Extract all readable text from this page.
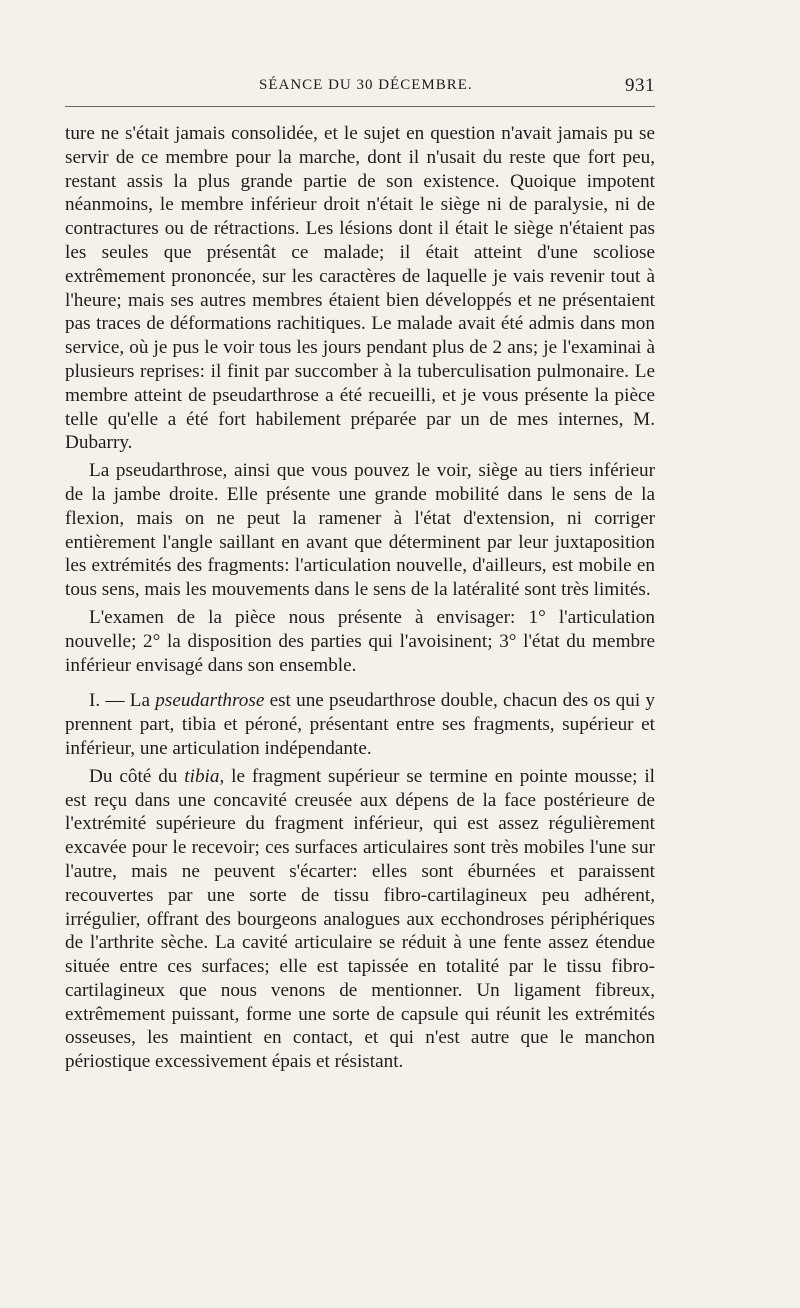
SÉANCE DU 30 DÉCEMBRE.	931

ture ne s'était jamais consolidée, et le sujet en question n'avait jamais pu se servir de ce membre pour la marche, dont il n'usait du reste que fort peu, restant assis la plus grande partie de son existence. Quoique impotent néanmoins, le membre inférieur droit n'était le siège ni de paralysie, ni de contractures ou de rétractions. Les lésions dont il était le siège n'étaient pas les seules que présentât ce malade; il était atteint d'une scoliose extrêmement prononcée, sur les caractères de laquelle je vais revenir tout à l'heure; mais ses autres membres étaient bien développés et ne présentaient pas traces de déformations rachitiques. Le malade avait été admis dans mon service, où je pus le voir tous les jours pendant plus de 2 ans; je l'examinai à plusieurs reprises: il finit par succomber à la tuberculisation pulmonaire. Le membre atteint de pseudarthrose a été recueilli, et je vous présente la pièce telle qu'elle a été fort habilement préparée par un de mes internes, M. Dubarry.

La pseudarthrose, ainsi que vous pouvez le voir, siège au tiers inférieur de la jambe droite. Elle présente une grande mobilité dans le sens de la flexion, mais on ne peut la ramener à l'état d'extension, ni corriger entièrement l'angle saillant en avant que déterminent par leur juxtaposition les extrémités des fragments: l'articulation nouvelle, d'ailleurs, est mobile en tous sens, mais les mouvements dans le sens de la latéralité sont très limités.

L'examen de la pièce nous présente à envisager: 1° l'articulation nouvelle; 2° la disposition des parties qui l'avoisinent; 3° l'état du membre inférieur envisagé dans son ensemble.

I. — La pseudarthrose est une pseudarthrose double, chacun des os qui y prennent part, tibia et péroné, présentant entre ses fragments, supérieur et inférieur, une articulation indépendante.

Du côté du tibia, le fragment supérieur se termine en pointe mousse; il est reçu dans une concavité creusée aux dépens de la face postérieure de l'extrémité supérieure du fragment inférieur, qui est assez régulièrement excavée pour le recevoir; ces surfaces articulaires sont très mobiles l'une sur l'autre, mais ne peuvent s'écarter: elles sont éburnées et paraissent recouvertes par une sorte de tissu fibro-cartilagineux peu adhérent, irrégulier, offrant des bourgeons analogues aux ecchondroses périphériques de l'arthrite sèche. La cavité articulaire se réduit à une fente assez étendue située entre ces surfaces; elle est tapissée en totalité par le tissu fibro-cartilagineux que nous venons de mentionner. Un ligament fibreux, extrêmement puissant, forme une sorte de capsule qui réunit les extrémités osseuses, les maintient en contact, et qui n'est autre que le manchon périostique excessivement épais et résistant.
